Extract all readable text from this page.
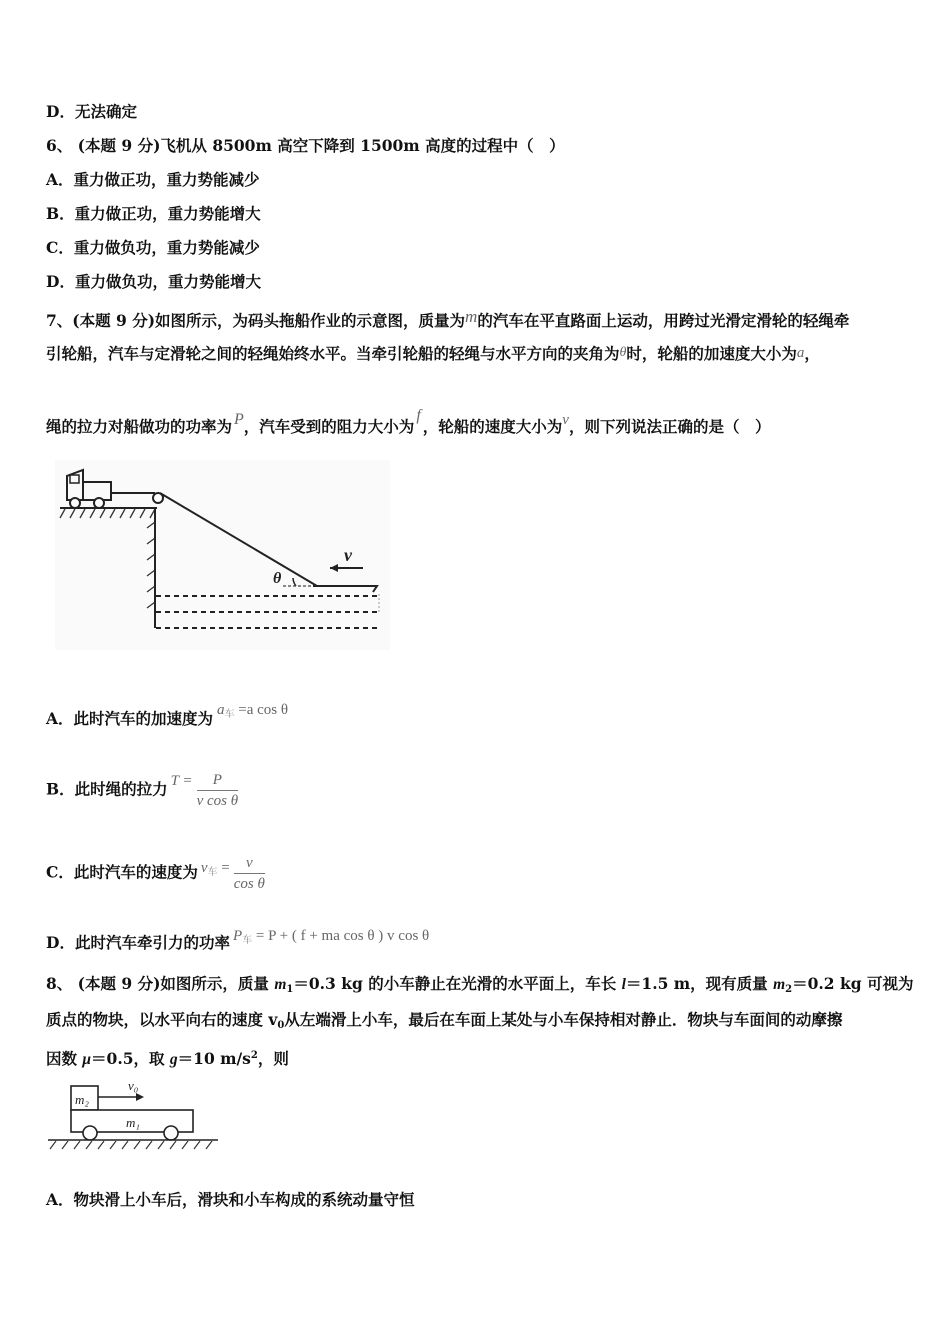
D．无法确定
6、 (本题 9 分)飞机从 8500m 高空下降到 1500m 高度的过程中（　）
A．重力做正功，重力势能减少
B．重力做正功，重力势能增大
C．重力做负功，重力势能减少
D．重力做负功，重力势能增大
7、(本题 9 分)如图所示，为码头拖船作业的示意图，质量为m的汽车在平直路面上运动，用跨过光滑定滑轮的轻绳牵
引轮船，汽车与定滑轮之间的轻绳始终水平。当牵引轮船的轻绳与水平方向的夹角为θ时，轮船的加速度大小为a，
绳的拉力对船做功的功率为 P，汽车受到的阻力大小为f，轮船的速度大小为v，则下列说法正确的是（　）
θ
v
A．此时汽车的加速度为 $a_车 =a$ cos θ
B．此时绳的拉力 $T = \frac{P}{\text{v cos θ}}$
C．此时汽车的速度为 $v_车 = \frac{v}{\text{cos θ}}$
D．此时汽车牵引力的功率 $P_车 = P$ + ( f + ma cos θ ) v cos θ
8、 (本题 9 分)如图所示，质量 $m_1=0.3$ kg 的小车静止在光滑的水平面上，车长 l＝1.5 m，现有质量 $m_2=0.2$ kg 可视为
质点的物块，以水平向右的速度 $v_0$从左端滑上小车，最后在车面上某处与小车保持相对静止．物块与车面间的动摩擦
因数 μ＝0.5，取 g＝10 $m/s^2$，则
m₂
v₀
m₁
A．物块滑上小车后，滑块和小车构成的系统动量守恒
